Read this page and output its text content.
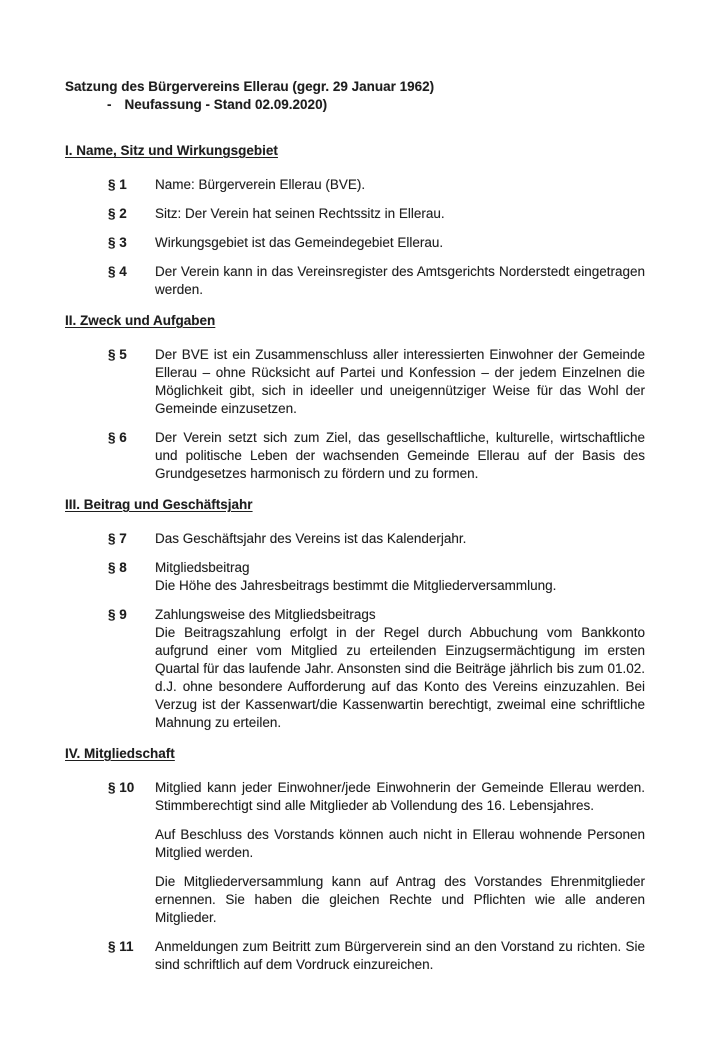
Satzung des Bürgervereins Ellerau (gegr. 29 Januar 1962)
- Neufassung - Stand 02.09.2020)
I. Name, Sitz und Wirkungsgebiet
§ 1	Name: Bürgerverein Ellerau (BVE).

§ 2	Sitz: Der Verein hat seinen Rechtssitz in Ellerau.

§ 3	Wirkungsgebiet ist das Gemeindegebiet Ellerau.

§ 4	Der Verein kann in das Vereinsregister des Amtsgerichts Norderstedt eingetragen werden.

II. Zweck und Aufgaben
§ 5	Der BVE ist ein Zusammenschluss aller interessierten Einwohner der Gemeinde Ellerau – ohne Rücksicht auf Partei und Konfession – der jedem Einzelnen die Möglichkeit gibt, sich in ideeller und uneigennütziger Weise für das Wohl der Gemeinde einzusetzen.

§ 6	Der Verein setzt sich zum Ziel, das gesellschaftliche, kulturelle, wirtschaftliche und politische Leben der wachsenden Gemeinde Ellerau auf der Basis des Grundgesetzes harmonisch zu fördern und zu formen.

III. Beitrag und Geschäftsjahr
§ 7	Das Geschäftsjahr des Vereins ist das Kalenderjahr.

§ 8	Mitgliedsbeitrag

Die Höhe des Jahresbeitrags bestimmt die Mitgliederversammlung.

§ 9	Zahlungsweise des Mitgliedsbeitrags

Die Beitragszahlung erfolgt in der Regel durch Abbuchung vom Bankkonto aufgrund einer vom Mitglied zu erteilenden Einzugsermächtigung im ersten Quartal für das laufende Jahr. Ansonsten sind die Beiträge jährlich bis zum 01.02. d.J. ohne besondere Aufforderung auf das Konto des Vereins einzuzahlen. Bei Verzug ist der Kassenwart/die Kassenwartin berechtigt, zweimal eine schriftliche Mahnung zu erteilen.

IV. Mitgliedschaft
§ 10	Mitglied kann jeder Einwohner/jede Einwohnerin der Gemeinde Ellerau werden. Stimmberechtigt sind alle Mitglieder ab Vollendung des 16. Lebensjahres.

Auf Beschluss des Vorstands können auch nicht in Ellerau wohnende Personen Mitglied werden.

Die Mitgliederversammlung kann auf Antrag des Vorstandes Ehrenmitglieder ernennen. Sie haben die gleichen Rechte und Pflichten wie alle anderen Mitglieder.

§ 11	Anmeldungen zum Beitritt zum Bürgerverein sind an den Vorstand zu richten. Sie sind schriftlich auf dem Vordruck einzureichen.
